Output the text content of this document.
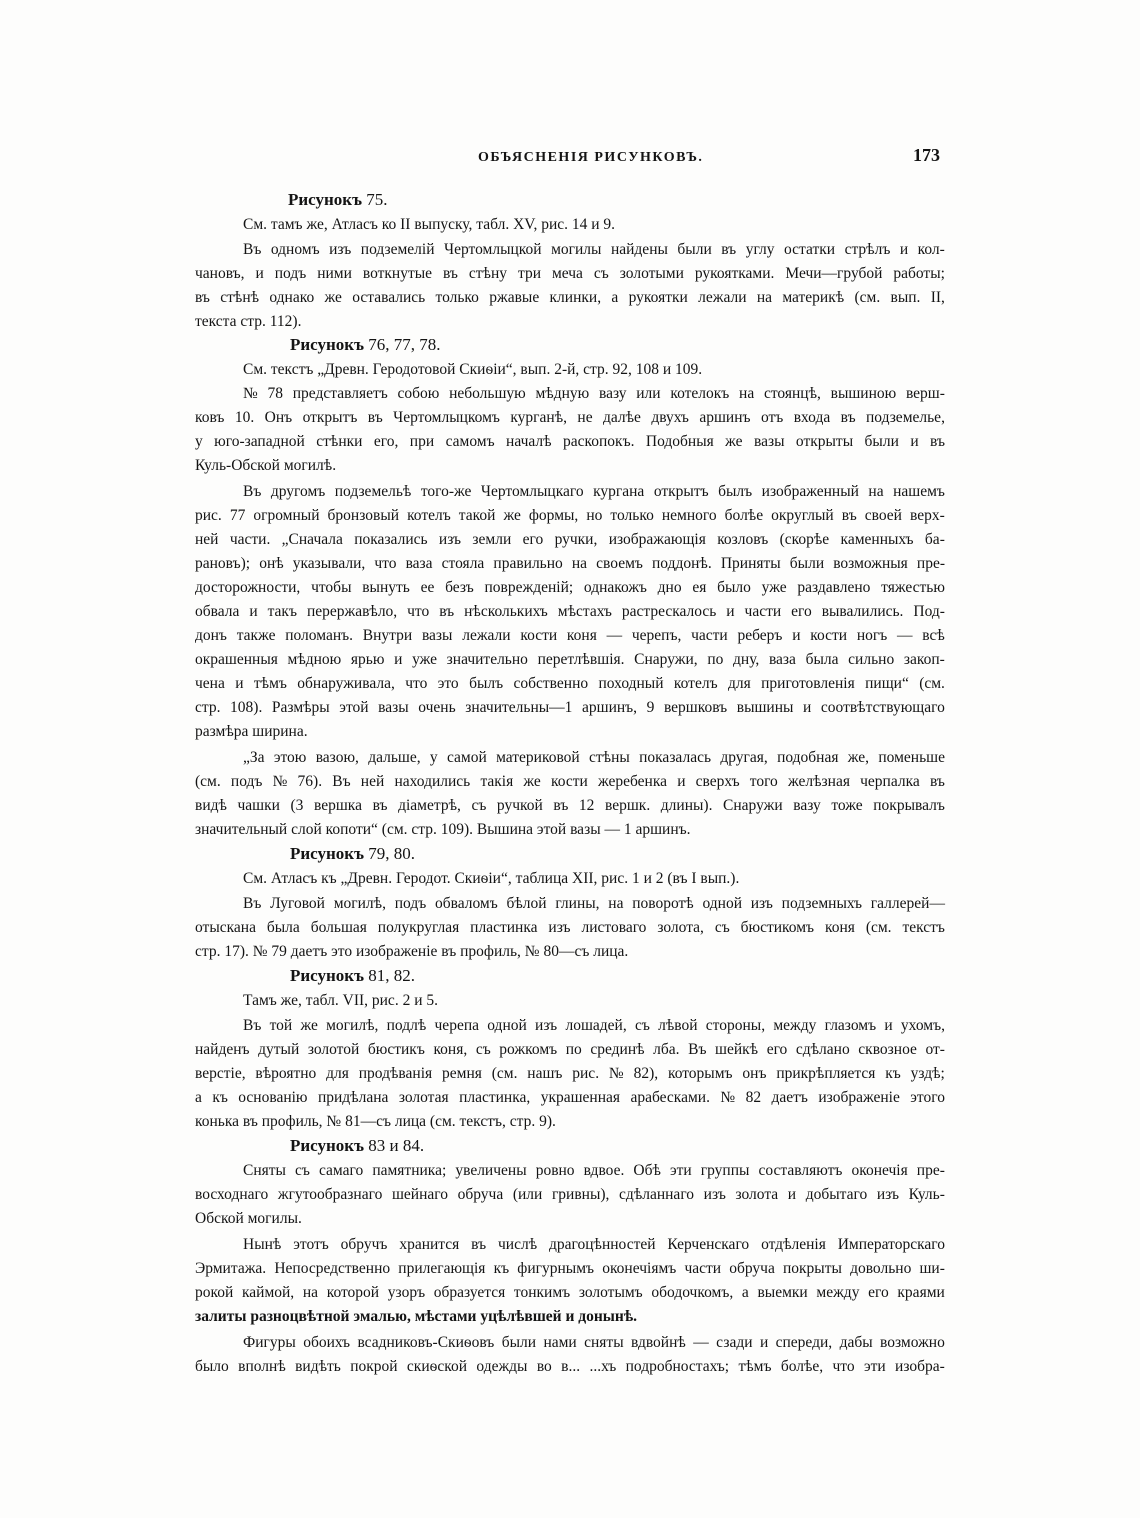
ОБЪЯСНЕНІЯ РИСУНКОВЪ.	173
Рисунокъ 75.
См. тамъ же, Атласъ ко II выпуску, табл. XV, рис. 14 и 9.
Въ одномъ изъ подземелій Чертомлыцкой могилы найдены были въ углу остатки стрѣлъ и кол-
чановъ, и подъ ними воткнутые въ стѣну три меча съ золотыми рукоятками. Мечи—грубой работы;
въ стѣнѣ однако же оставались только ржавые клинки, а рукоятки лежали на материкѣ (см. вып. II,
текста стр. 112).
Рисунокъ 76, 77, 78.
См. текстъ „Древн. Геродотовой Скиѳіи“, вып. 2-й, стр. 92, 108 и 109.
№ 78 представляетъ собою небольшую мѣдную вазу или котелокъ на стоянцѣ, вышиною верш-
ковъ 10. Онъ открытъ въ Чертомлыцкомъ курганѣ, не далѣе двухъ аршинъ отъ входа въ подземелье,
у юго-западной стѣнки его, при самомъ началѣ раскопокъ. Подобныя же вазы открыты были и въ
Куль-Обской могилѣ.
Въ другомъ подземельѣ того-же Чертомлыцкаго кургана открытъ былъ изображенный на нашемъ
рис. 77 огромный бронзовый котелъ такой же формы, но только немного болѣе округлый въ своей верх-
ней части. „Сначала показались изъ земли его ручки, изображающія козловъ (скорѣе каменныхъ ба-
рановъ); онѣ указывали, что ваза стояла правильно на своемъ поддонѣ. Приняты были возможныя пре-
досторожности, чтобы вынуть ее безъ поврежденій; однакожъ дно ея было уже раздавлено тяжестью
обвала и такъ перержавѣло, что въ нѣсколькихъ мѣстахъ растрескалось и части его вывалились. Под-
донъ также поломанъ. Внутри вазы лежали кости коня — черепъ, части реберъ и кости ногъ — всѣ
окрашенныя мѣдною ярью и уже значительно перетлѣвшія. Снаружи, по дну, ваза была сильно закоп-
чена и тѣмъ обнаруживала, что это былъ собственно походный котелъ для приготовленія пищи“ (см.
стр. 108). Размѣры этой вазы очень значительны—1 аршинъ, 9 вершковъ вышины и соотвѣтствующаго
размѣра ширина.
„За этою вазою, дальше, у самой материковой стѣны показалась другая, подобная же, поменьше
(см. подъ № 76). Въ ней находились такія же кости жеребенка и сверхъ того желѣзная черпалка въ
видѣ чашки (3 вершка въ діаметрѣ, съ ручкой въ 12 вершк. длины). Снаружи вазу тоже покрывалъ
значительный слой копоти“ (см. стр. 109). Вышина этой вазы — 1 аршинъ.
Рисунокъ 79, 80.
См. Атласъ къ „Древн. Геродот. Скиѳіи“, таблица XII, рис. 1 и 2 (въ I вып.).
Въ Луговой могилѣ, подъ обваломъ бѣлой глины, на поворотѣ одной изъ подземныхъ галлерей—
отыскана была большая полукруглая пластинка изъ листоваго золота, съ бюстикомъ коня (см. текстъ
стр. 17). № 79 даетъ это изображеніе въ профиль, № 80—съ лица.
Рисунокъ 81, 82.
Тамъ же, табл. VII, рис. 2 и 5.
Въ той же могилѣ, подлѣ черепа одной изъ лошадей, съ лѣвой стороны, между глазомъ и ухомъ,
найденъ дутый золотой бюстикъ коня, съ рожкомъ по срединѣ лба. Въ шейкѣ его сдѣлано сквозное от-
верстіе, вѣроятно для продѣванія ремня (см. нашъ рис. № 82), которымъ онъ прикрѣпляется къ уздѣ;
а къ основанію придѣлана золотая пластинка, украшенная арабесками. № 82 даетъ изображеніе этого
конька въ профиль, № 81—съ лица (см. текстъ, стр. 9).
Рисунокъ 83 и 84.
Сняты съ самаго памятника; увеличены ровно вдвое. Обѣ эти группы составляютъ оконечія пре-
восходнаго жгутообразнаго шейнаго обруча (или гривны), сдѣланнаго изъ золота и добытаго изъ Куль-
Обской могилы.
Нынѣ этотъ обручъ хранится въ числѣ драгоцѣнностей Керченскаго отдѣленія Императорскаго
Эрмитажа. Непосредственно прилегающія къ фигурнымъ оконечіямъ части обруча покрыты довольно ши-
рокой каймой, на которой узоръ образуется тонкимъ золотымъ ободочкомъ, а выемки между его краями
залиты разноцвѣтной эмалью, мѣстами уцѣлѣвшей и донынѣ.
Фигуры обоихъ всадниковъ-Скиѳовъ были нами сняты вдвойнѣ — сзади и спереди, дабы возможно
было вполнѣ видѣть покрой скиѳской одежды во в... ...хъ подробностахъ; тѣмъ болѣе, что эти изобра-
